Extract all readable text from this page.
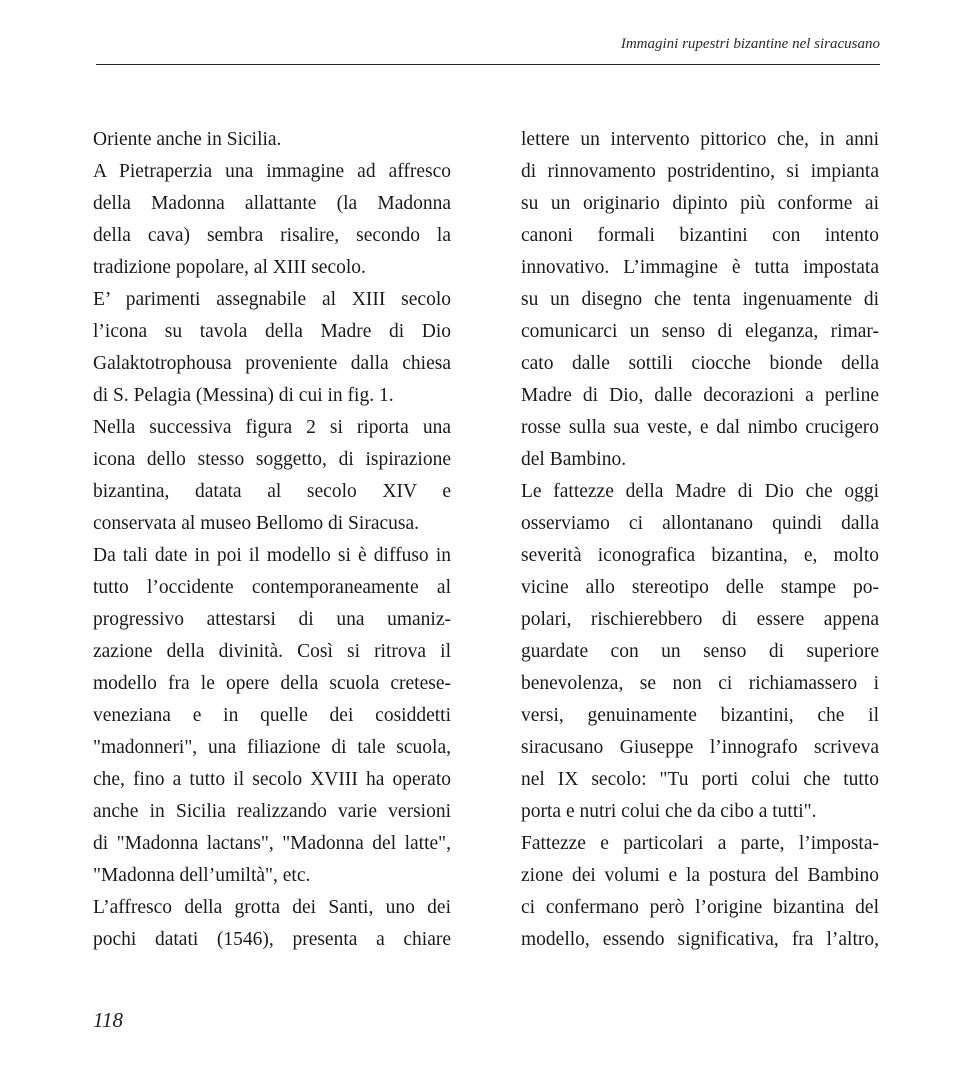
Immagini rupestri bizantine nel siracusano
Oriente anche in Sicilia.
A Pietraperzia una immagine ad affresco
della Madonna allattante (la Madonna
della cava) sembra risalire, secondo la
tradizione popolare, al XIII secolo.
E’ parimenti assegnabile al XIII secolo
l’icona su tavola della Madre di Dio
Galaktotrophousa proveniente dalla chiesa
di S. Pelagia (Messina) di cui in fig. 1.
Nella successiva figura 2 si riporta una
icona dello stesso soggetto, di ispirazione
bizantina, datata al secolo XIV e
conservata al museo Bellomo di Siracusa.
Da tali date in poi il modello si è diffuso in
tutto l’occidente contemporaneamente al
progressivo attestarsi di una umaniz-
zazione della divinità. Così si ritrova il
modello fra le opere della scuola cretese-
veneziana e in quelle dei cosiddetti
"madonneri", una filiazione di tale scuola,
che, fino a tutto il secolo XVIII ha operato
anche in Sicilia realizzando varie versioni
di "Madonna lactans", "Madonna del latte",
"Madonna dell’umiltà", etc.
L’affresco della grotta dei Santi, uno dei
pochi datati (1546), presenta a chiare
lettere un intervento pittorico che, in anni
di rinnovamento postridentino, si impianta
su un originario dipinto più conforme ai
canoni formali bizantini con intento
innovativo. L’immagine è tutta impostata
su un disegno che tenta ingenuamente di
comunicarci un senso di eleganza, rimar-
cato dalle sottili ciocche bionde della
Madre di Dio, dalle decorazioni a perline
rosse sulla sua veste, e dal nimbo crucigero
del Bambino.
Le fattezze della Madre di Dio che oggi
osserviamo ci allontanano quindi dalla
severità iconografica bizantina, e, molto
vicine allo stereotipo delle stampe po-
polari, rischierebbero di essere appena
guardate con un senso di superiore
benevolenza, se non ci richiamassero i
versi, genuinamente bizantini, che il
siracusano Giuseppe l’innografo scriveva
nel IX secolo: "Tu porti colui che tutto
porta e nutri colui che da cibo a tutti".
Fattezze e particolari a parte, l’imposta-
zione dei volumi e la postura del Bambino
ci confermano però l’origine bizantina del
modello, essendo significativa, fra l’altro,
118
